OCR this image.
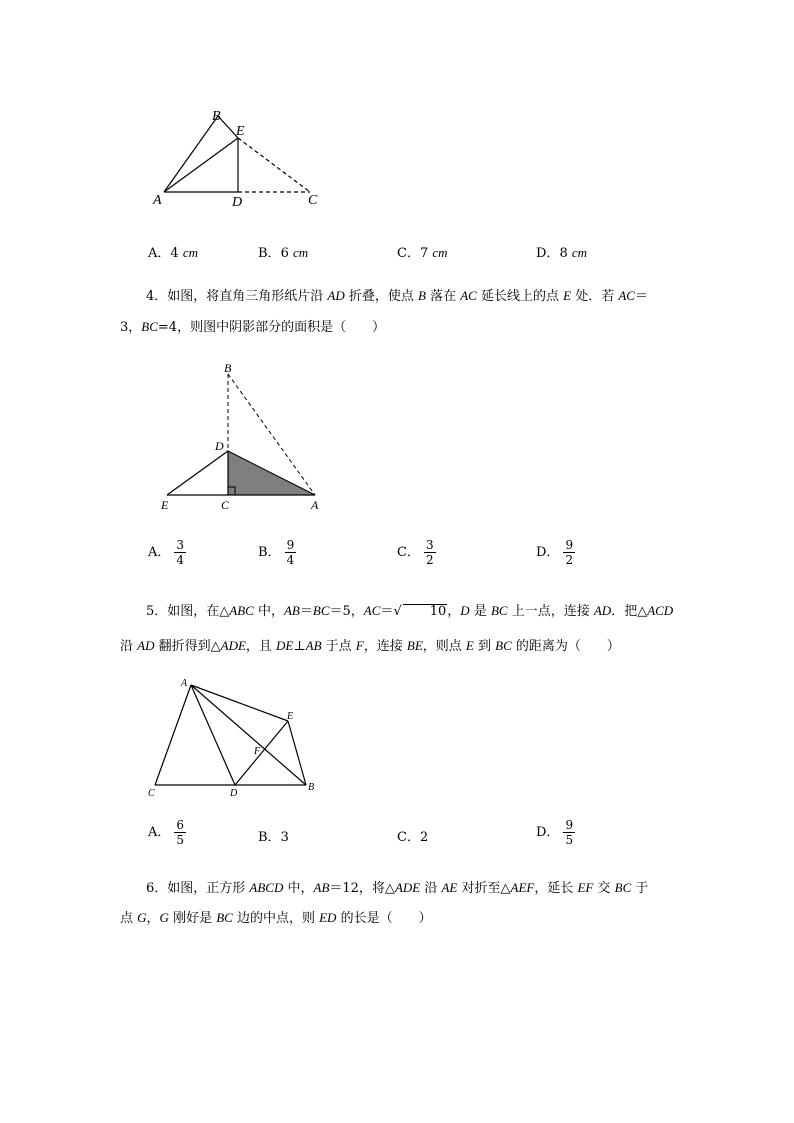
B
E
A	D	C
A．4 cm	B．6 cm	C．7 cm	D．8 cm
4．如图，将直角三角形纸片沿 AD 折叠，使点 B 落在 AC 延长线上的点 E 处．若 AC＝
3，BC=4，则图中阴影部分的面积是（　　）
B
D
E	C	A
A． $\frac{3}{4}$	B． $\frac{9}{4}$	C． $\frac{3}{2}$	D． $\frac{9}{2}$
5．如图，在△ABC 中，AB＝BC＝5，AC＝√ 10，D 是 BC 上一点，连接 AD．把△ACD
沿 AD 翻折得到△ADE，且 DE⊥AB 于点 F，连接 BE，则点 E 到 BC 的距离为（　　）
A
E
F
C	D
B
A． $\frac{6}{5}$	B．3	C．2	D． $\frac{9}{5}$
6．如图，正方形 ABCD 中，AB＝12，将△ADE 沿 AE 对折至△AEF，延长 EF 交 BC 于
点 G，G 刚好是 BC 边的中点，则 ED 的长是（　　）
